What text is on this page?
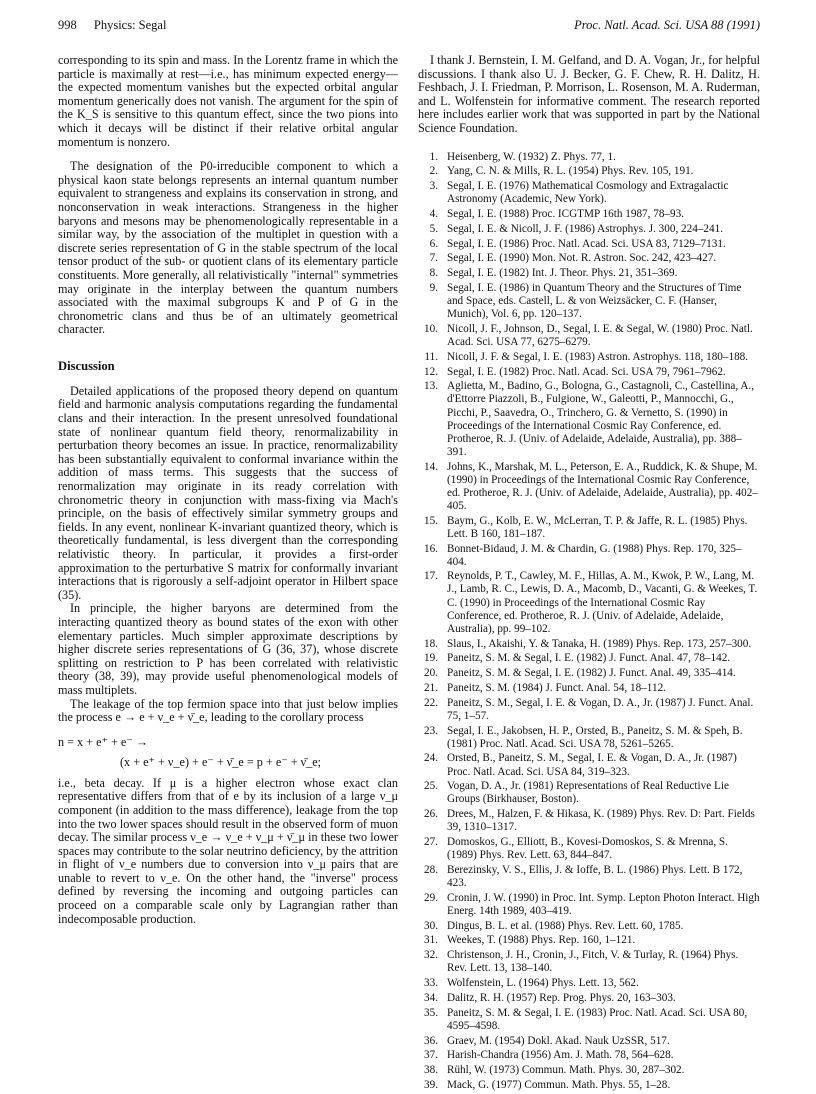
998 Physics: Segal	Proc. Natl. Acad. Sci. USA 88 (1991)

corresponding to its spin and mass. In the Lorentz frame in which the particle is maximally at rest—i.e., has minimum expected energy—the expected momentum vanishes but the expected orbital angular momentum generically does not vanish. The argument for the spin of the K_S is sensitive to this quantum effect, since the two pions into which it decays will be distinct if their relative orbital angular momentum is nonzero.

The designation of the P0-irreducible component to which a physical kaon state belongs represents an internal quantum number equivalent to strangeness and explains its conservation in strong, and nonconservation in weak interactions. Strangeness in the higher baryons and mesons may be phenomenologically representable in a similar way, by the association of the multiplet in question with a discrete series representation of G in the stable spectrum of the local tensor product of the sub- or quotient clans of its elementary particle constituents. More generally, all relativistically "internal" symmetries may originate in the interplay between the quantum numbers associated with the maximal subgroups K and P of G in the chronometric clans and thus be of an ultimately geometrical character.

Discussion

Detailed applications of the proposed theory depend on quantum field and harmonic analysis computations regarding the fundamental clans and their interaction. In the present unresolved foundational state of nonlinear quantum field theory, renormalizability in perturbation theory becomes an issue. In practice, renormalizability has been substantially equivalent to conformal invariance within the addition of mass terms. This suggests that the success of renormalization may originate in its ready correlation with chronometric theory in conjunction with mass-fixing via Mach's principle, on the basis of effectively similar symmetry groups and fields. In any event, nonlinear K-invariant quantized theory, which is theoretically fundamental, is less divergent than the corresponding relativistic theory. In particular, it provides a first-order approximation to the perturbative S matrix for conformally invariant interactions that is rigorously a self-adjoint operator in Hilbert space (35).

In principle, the higher baryons are determined from the interacting quantized theory as bound states of the exon with other elementary particles. Much simpler approximate descriptions by higher discrete series representations of G (36, 37), whose discrete splitting on restriction to P has been correlated with relativistic theory (38, 39), may provide useful phenomenological models of mass multiplets.

The leakage of the top fermion space into that just below implies the process e → e + ν_e + ν̄_e, leading to the corollary process

n = x + e⁺ + e⁻ →
(x + e⁺ + ν_e) + e⁻ + ν̄_e = p + e⁻ + ν̄_e;

i.e., beta decay. If μ is a higher electron whose exact clan representative differs from that of e by its inclusion of a large ν_μ component (in addition to the mass difference), leakage from the top into the two lower spaces should result in the observed form of muon decay. The similar process ν_e → ν_e + ν_μ + ν̄_μ in these two lower spaces may contribute to the solar neutrino deficiency, by the attrition in flight of ν_e numbers due to conversion into ν_μ pairs that are unable to revert to ν_e. On the other hand, the "inverse" process defined by reversing the incoming and outgoing particles can proceed on a comparable scale only by Lagrangian rather than indecomposable production.

I thank J. Bernstein, I. M. Gelfand, and D. A. Vogan, Jr., for helpful discussions. I thank also U. J. Becker, G. F. Chew, R. H. Dalitz, H. Feshbach, J. I. Friedman, P. Morrison, L. Rosenson, M. A. Ruderman, and L. Wolfenstein for informative comment. The research reported here includes earlier work that was supported in part by the National Science Foundation.

1. Heisenberg, W. (1932) Z. Phys. 77, 1.
2. Yang, C. N. & Mills, R. L. (1954) Phys. Rev. 105, 191.
3. Segal, I. E. (1976) Mathematical Cosmology and Extragalactic Astronomy (Academic, New York).
4. Segal, I. E. (1988) Proc. ICGTMP 16th 1987, 78–93.
5. Segal, I. E. & Nicoll, J. F. (1986) Astrophys. J. 300, 224–241.
6. Segal, I. E. (1986) Proc. Natl. Acad. Sci. USA 83, 7129–7131.
7. Segal, I. E. (1990) Mon. Not. R. Astron. Soc. 242, 423–427.
8. Segal, I. E. (1982) Int. J. Theor. Phys. 21, 351–369.
9. Segal, I. E. (1986) in Quantum Theory and the Structures of Time and Space, eds. Castell, L. & von Weizsäcker, C. F. (Hanser, Munich), Vol. 6, pp. 120–137.
10. Nicoll, J. F., Johnson, D., Segal, I. E. & Segal, W. (1980) Proc. Natl. Acad. Sci. USA 77, 6275–6279.
11. Nicoll, J. F. & Segal, I. E. (1983) Astron. Astrophys. 118, 180–188.
12. Segal, I. E. (1982) Proc. Natl. Acad. Sci. USA 79, 7961–7962.
13. Aglietta, M., Badino, G., Bologna, G., Castagnoli, C., Castellina, A., d'Ettorre Piazzoli, B., Fulgione, W., Galeotti, P., Mannocchi, G., Picchi, P., Saavedra, O., Trinchero, G. & Vernetto, S. (1990) in Proceedings of the International Cosmic Ray Conference, ed. Protheroe, R. J. (Univ. of Adelaide, Adelaide, Australia), pp. 388–391.
14. Johns, K., Marshak, M. L., Peterson, E. A., Ruddick, K. & Shupe, M. (1990) in Proceedings of the International Cosmic Ray Conference, ed. Protheroe, R. J. (Univ. of Adelaide, Adelaide, Australia), pp. 402–405.
15. Baym, G., Kolb, E. W., McLerran, T. P. & Jaffe, R. L. (1985) Phys. Lett. B 160, 181–187.
16. Bonnet-Bidaud, J. M. & Chardin, G. (1988) Phys. Rep. 170, 325–404.
17. Reynolds, P. T., Cawley, M. F., Hillas, A. M., Kwok, P. W., Lang, M. J., Lamb, R. C., Lewis, D. A., Macomb, D., Vacanti, G. & Weekes, T. C. (1990) in Proceedings of the International Cosmic Ray Conference, ed. Protheroe, R. J. (Univ. of Adelaide, Adelaide, Australia), pp. 99–102.
18. Slaus, I., Akaishi, Y. & Tanaka, H. (1989) Phys. Rep. 173, 257–300.
19. Paneitz, S. M. & Segal, I. E. (1982) J. Funct. Anal. 47, 78–142.
20. Paneitz, S. M. & Segal, I. E. (1982) J. Funct. Anal. 49, 335–414.
21. Paneitz, S. M. (1984) J. Funct. Anal. 54, 18–112.
22. Paneitz, S. M., Segal, I. E. & Vogan, D. A., Jr. (1987) J. Funct. Anal. 75, 1–57.
23. Segal, I. E., Jakobsen, H. P., Orsted, B., Paneitz, S. M. & Speh, B. (1981) Proc. Natl. Acad. Sci. USA 78, 5261–5265.
24. Orsted, B., Paneitz, S. M., Segal, I. E. & Vogan, D. A., Jr. (1987) Proc. Natl. Acad. Sci. USA 84, 319–323.
25. Vogan, D. A., Jr. (1981) Representations of Real Reductive Lie Groups (Birkhauser, Boston).
26. Drees, M., Halzen, F. & Hikasa, K. (1989) Phys. Rev. D: Part. Fields 39, 1310–1317.
27. Domoskos, G., Elliott, B., Kovesi-Domoskos, S. & Mrenna, S. (1989) Phys. Rev. Lett. 63, 844–847.
28. Berezinsky, V. S., Ellis, J. & Ioffe, B. L. (1986) Phys. Lett. B 172, 423.
29. Cronin, J. W. (1990) in Proc. Int. Symp. Lepton Photon Interact. High Energ. 14th 1989, 403–419.
30. Dingus, B. L. et al. (1988) Phys. Rev. Lett. 60, 1785.
31. Weekes, T. (1988) Phys. Rep. 160, 1–121.
32. Christenson, J. H., Cronin, J., Fitch, V. & Turlay, R. (1964) Phys. Rev. Lett. 13, 138–140.
33. Wolfenstein, L. (1964) Phys. Lett. 13, 562.
34. Dalitz, R. H. (1957) Rep. Prog. Phys. 20, 163–303.
35. Paneitz, S. M. & Segal, I. E. (1983) Proc. Natl. Acad. Sci. USA 80, 4595–4598.
36. Graev, M. (1954) Dokl. Akad. Nauk UzSSR, 517.
37. Harish-Chandra (1956) Am. J. Math. 78, 564–628.
38. Rühl, W. (1973) Commun. Math. Phys. 30, 287–302.
39. Mack, G. (1977) Commun. Math. Phys. 55, 1–28.
